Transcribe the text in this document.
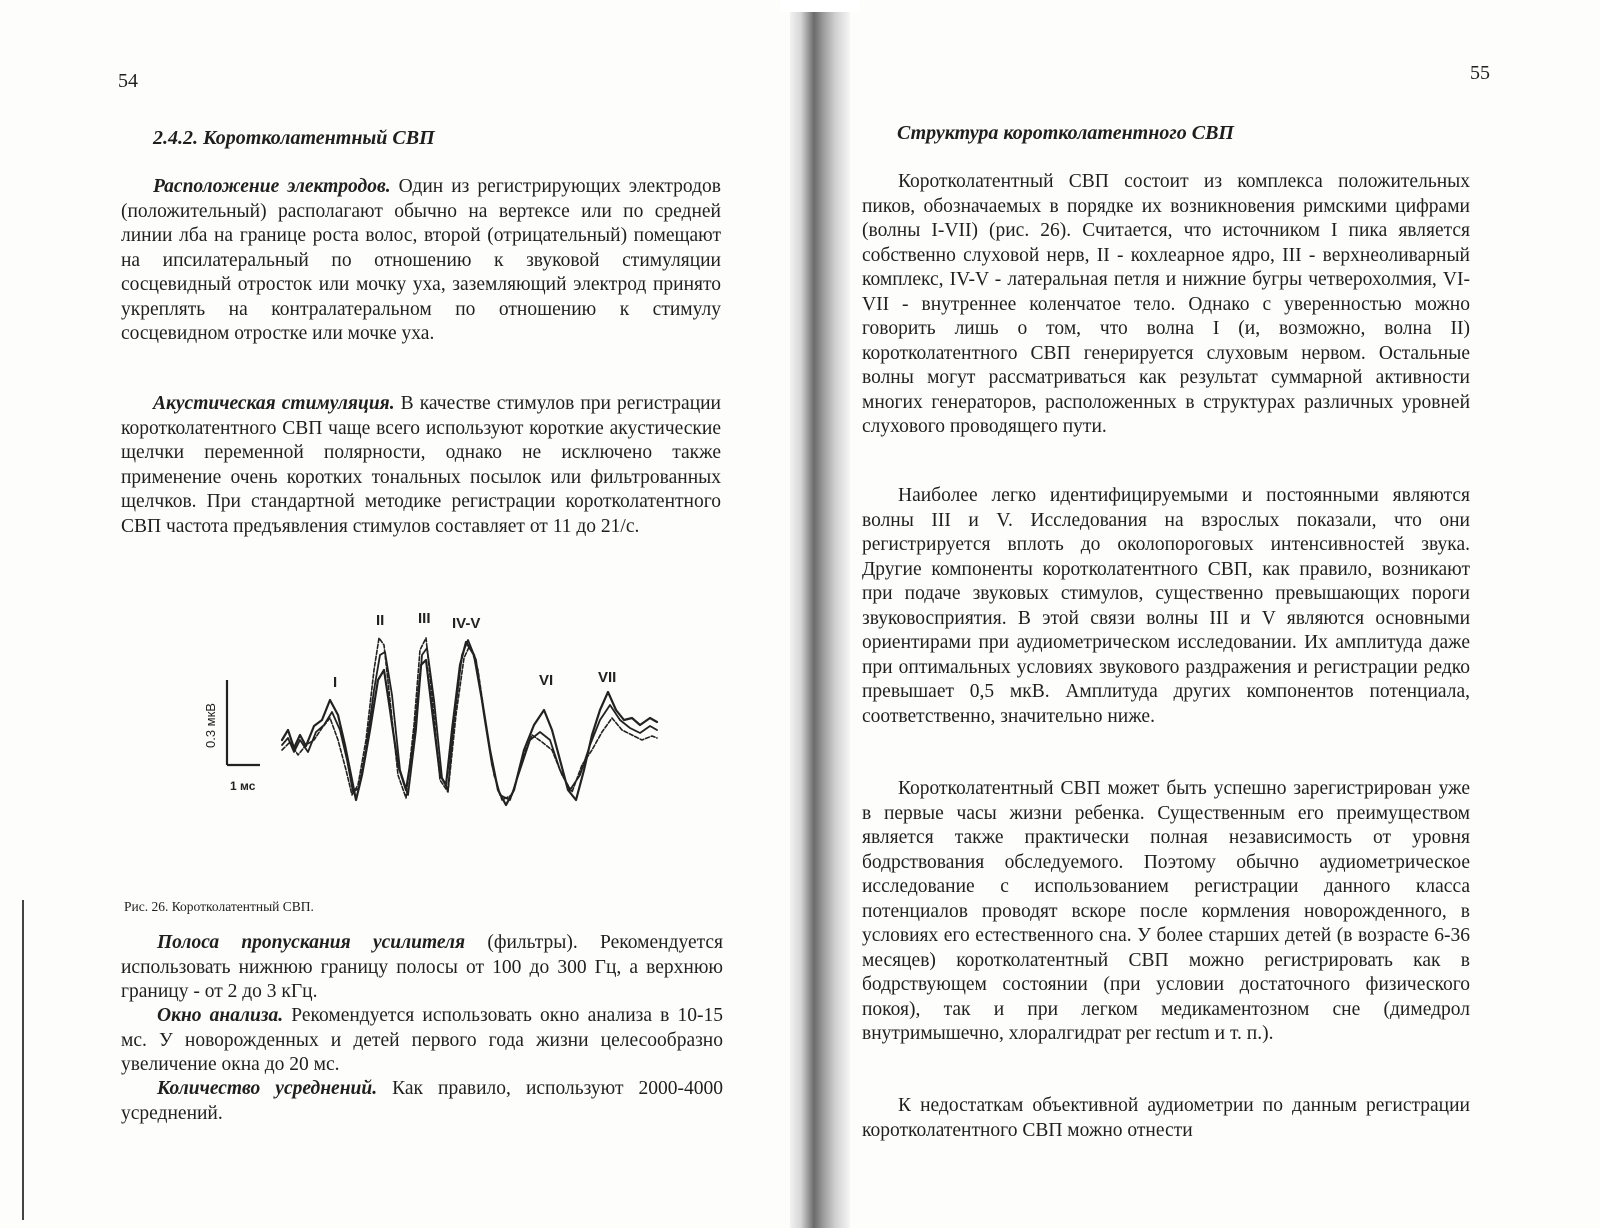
54
2.4.2. Коротколатентный СВП

Расположение электродов. Один из регистрирующих электродов (положительный) располагают обычно на вертексе или по средней линии лба на границе роста волос, второй (отрицательный) помещают на ипсилатеральный по отношению к звуковой стимуляции сосцевидный отросток или мочку уха, заземляющий электрод принято укреплять на контралатеральном по отношению к стимулу сосцевидном отростке или мочке уха.

Акустическая стимуляция. В качестве стимулов при регистрации коротколатентного СВП чаще всего используют короткие акустические щелчки переменной полярности, однако не исключено также применение очень коротких тональных посылок или фильтрованных щелчков. При стандартной методике регистрации коротколатентного СВП частота предъявления стимулов составляет от 11 до 21/с.

II III IV-V
I	VI	VII
0.3 мкВ
1 мс
Рис. 26. Коротколатентный СВП.

Полоса пропускания усилителя (фильтры). Рекомендуется использовать нижнюю границу полосы от 100 до 300 Гц, а верхнюю границу - от 2 до 3 кГц.

Окно анализа. Рекомендуется использовать окно анализа в 10-15 мс. У новорожденных и детей первого года жизни целесообразно увеличение окна до 20 мс.

Количество усреднений. Как правило, используют 2000-4000 усреднений.

55
Структура коротколатентного СВП

Коротколатентный СВП состоит из комплекса положительных пиков, обозначаемых в порядке их возникновения римскими цифрами (волны I-VII) (рис. 26). Считается, что источником I пика является собственно слуховой нерв, II - кохлеарное ядро, III - верхнеоливарный комплекс, IV-V - латеральная петля и нижние бугры четверохолмия, VI-VII - внутреннее коленчатое тело. Однако с уверенностью можно говорить лишь о том, что волна I (и, возможно, волна II) коротколатентного СВП генерируется слуховым нервом. Остальные волны могут рассматриваться как результат суммарной активности многих генераторов, расположенных в структурах различных уровней слухового проводящего пути.

Наиболее легко идентифицируемыми и постоянными являются волны III и V. Исследования на взрослых показали, что они регистрируется вплоть до околопороговых интенсивностей звука. Другие компоненты коротколатентного СВП, как правило, возникают при подаче звуковых стимулов, существенно превышающих пороги звуковосприятия. В этой связи волны III и V являются основными ориентирами при аудиометрическом исследовании. Их амплитуда даже при оптимальных условиях звукового раздражения и регистрации редко превышает 0,5 мкВ. Амплитуда других компонентов потенциала, соответственно, значительно ниже.

Коротколатентный СВП может быть успешно зарегистрирован уже в первые часы жизни ребенка. Существенным его преимуществом является также практически полная независимость от уровня бодрствования обследуемого. Поэтому обычно аудиометрическое исследование с использованием регистрации данного класса потенциалов проводят вскоре после кормления новорожденного, в условиях его естественного сна. У более старших детей (в возрасте 6-36 месяцев) коротколатентный СВП можно регистрировать как в бодрствующем состоянии (при условии достаточного физического покоя), так и при легком медикаментозном сне (димедрол внутримышечно, хлоралгидрат per rectum и т. п.).

К недостаткам объективной аудиометрии по данным регистрации коротколатентного СВП можно отнести
